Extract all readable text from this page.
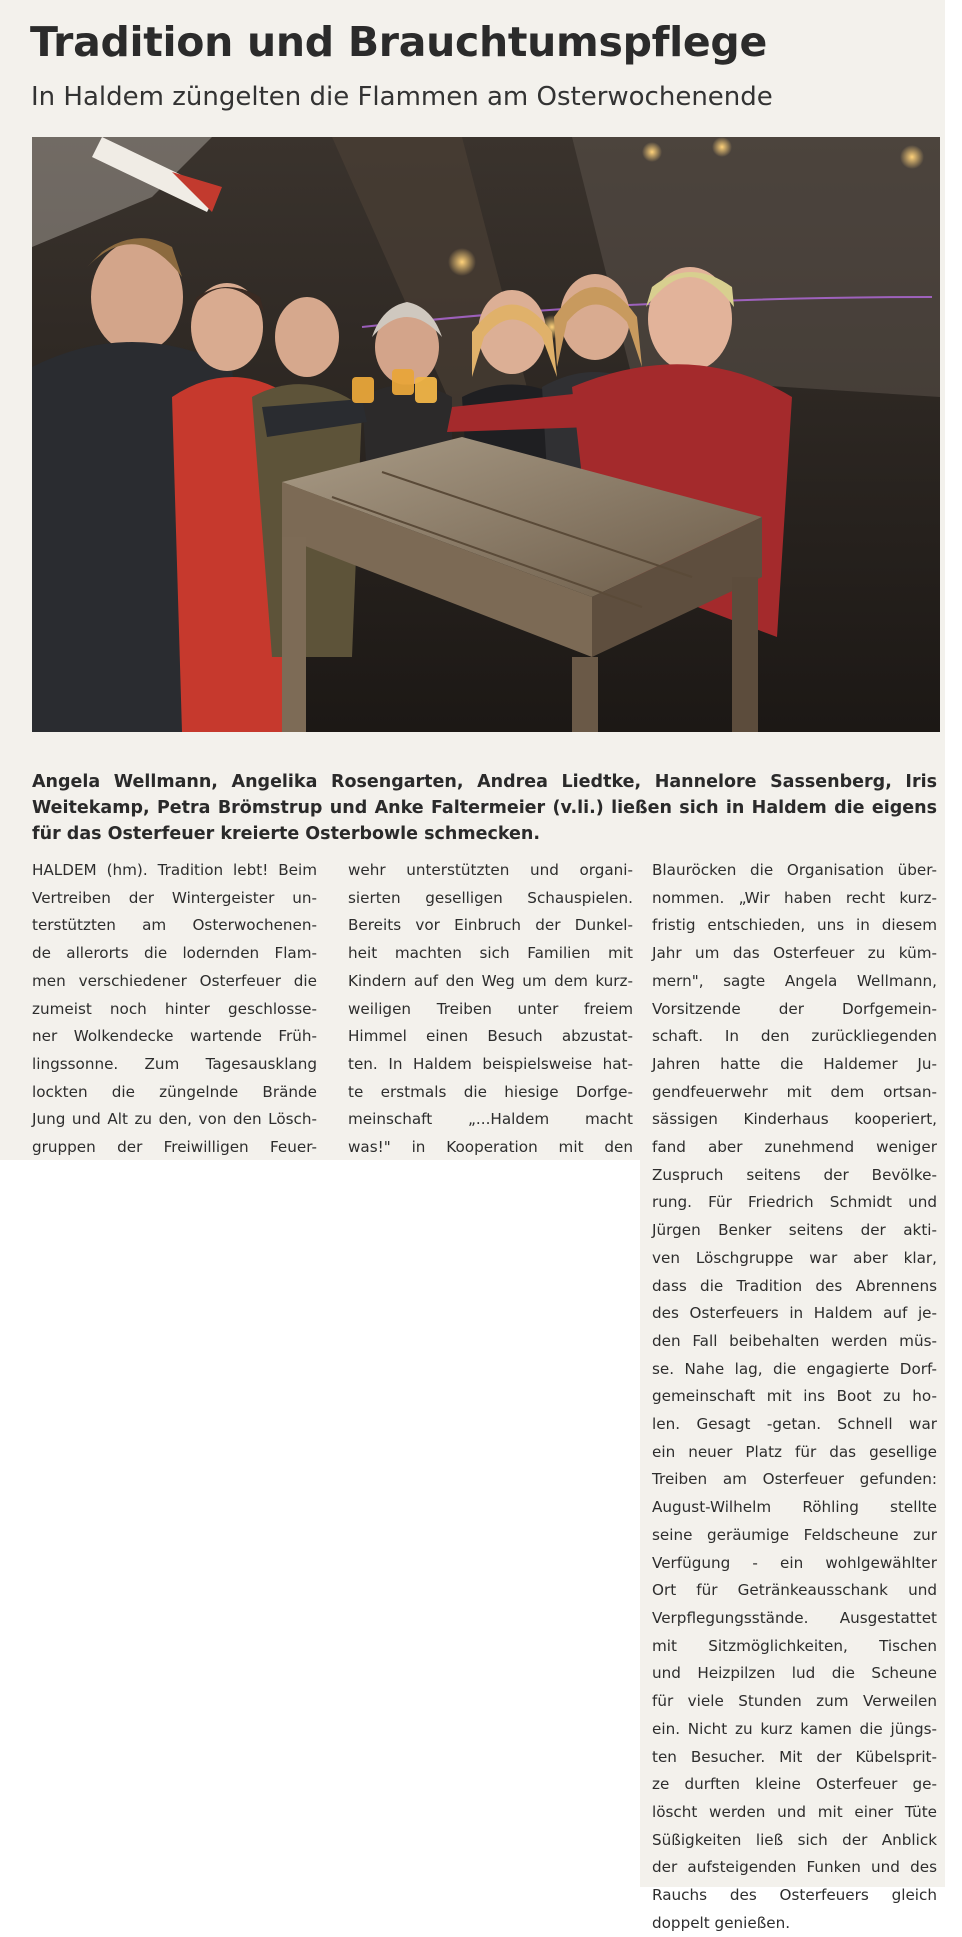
Tradition und Brauchtumspflege
In Haldem züngelten die Flammen am Osterwochenende

Angela Wellmann, Angelika Rosengarten, Andrea Liedtke, Hannelore Sassenberg, Iris Weitekamp, Petra Brömstrup und Anke Faltermeier (v.li.) ließen sich in Haldem die eigens für das Osterfeuer kreierte Osterbowle schmecken.

HALDEM (hm). Tradition lebt! Beim
Vertreiben der Wintergeister un-
terstützten am Osterwochenen-
de allerorts die lodernden Flam-
men verschiedener Osterfeuer die
zumeist noch hinter geschlosse-
ner Wolkendecke wartende Früh-
lingssonne. Zum Tagesausklang
lockten die züngelnde Brände
Jung und Alt zu den, von den Lösch-
gruppen der Freiwilligen Feuer-
wehr unterstützten und organi-
sierten geselligen Schauspielen.
Bereits vor Einbruch der Dunkel-
heit machten sich Familien mit
Kindern auf den Weg um dem kurz-
weiligen Treiben unter freiem
Himmel einen Besuch abzustat-
ten. In Haldem beispielsweise hat-
te erstmals die hiesige Dorfge-
meinschaft „...Haldem macht
was!" in Kooperation mit den
Blauröcken die Organisation über-
nommen. „Wir haben recht kurz-
fristig entschieden, uns in diesem
Jahr um das Osterfeuer zu küm-
mern", sagte Angela Wellmann,
Vorsitzende der Dorfgemein-
schaft. In den zurückliegenden
Jahren hatte die Haldemer Ju-
gendfeuerwehr mit dem ortsan-
sässigen Kinderhaus kooperiert,
fand aber zunehmend weniger
Zuspruch seitens der Bevölke-
rung. Für Friedrich Schmidt und
Jürgen Benker seitens der akti-
ven Löschgruppe war aber klar,
dass die Tradition des Abrennens
des Osterfeuers in Haldem auf je-
den Fall beibehalten werden müs-
se. Nahe lag, die engagierte Dorf-
gemeinschaft mit ins Boot zu ho-
len. Gesagt -getan. Schnell war
ein neuer Platz für das gesellige
Treiben am Osterfeuer gefunden:
August-Wilhelm Röhling stellte
seine geräumige Feldscheune zur
Verfügung - ein wohlgewählter
Ort für Getränkeausschank und
Verpflegungsstände. Ausgestattet
mit Sitzmöglichkeiten, Tischen
und Heizpilzen lud die Scheune
für viele Stunden zum Verweilen
ein. Nicht zu kurz kamen die jüngs-
ten Besucher. Mit der Kübelsprit-
ze durften kleine Osterfeuer ge-
löscht werden und mit einer Tüte
Süßigkeiten ließ sich der Anblick
der aufsteigenden Funken und des
Rauchs des Osterfeuers gleich
doppelt genießen.
